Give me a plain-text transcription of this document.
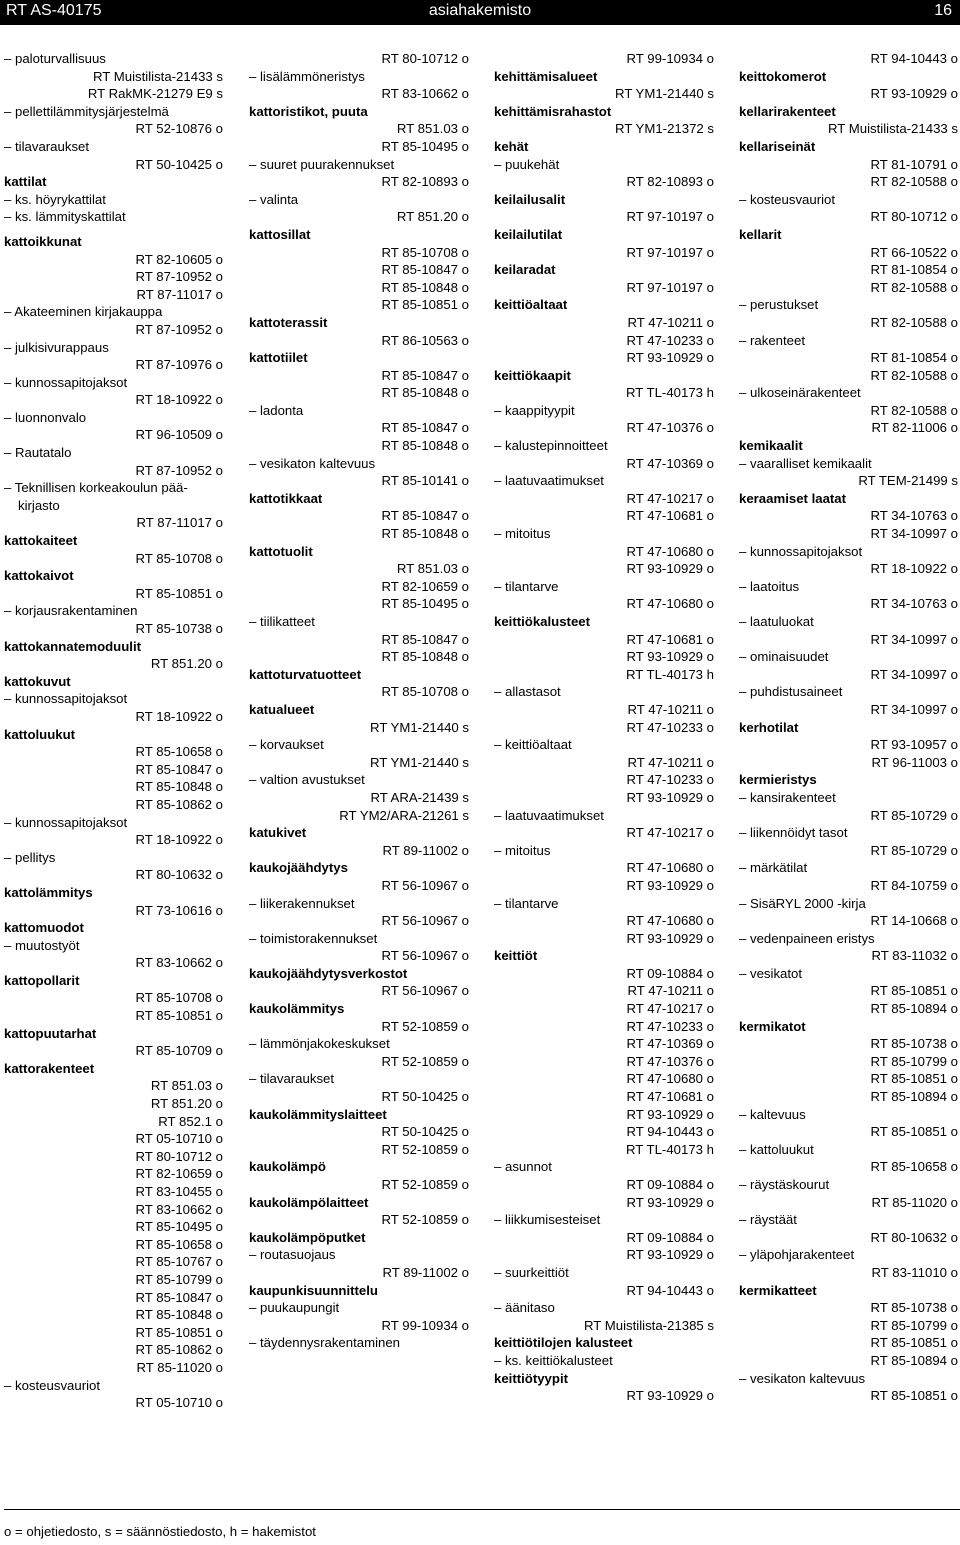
RT AS-40175	asiahakemisto	16
– paloturvallisuus
RT Muistilista-21433 s
RT RakMK-21279 E9 s
– pellettilämmitysjärjestelmä
RT 52-10876 o
– tilavaraukset
RT 50-10425 o
kattilat
– ks. höyrykattilat
– ks. lämmityskattilat
kattoikkunat
RT 82-10605 o
RT 87-10952 o
RT 87-11017 o
– Akateeminen kirjakauppa
RT 87-10952 o
– julkisivurappaus
RT 87-10976 o
– kunnossapitojaksot
RT 18-10922 o
– luonnonvalo
RT 96-10509 o
– Rautatalo
RT 87-10952 o
– Teknillisen korkeakoulun pää-
kirjasto
RT 87-11017 o
kattokaiteet
RT 85-10708 o
kattokaivot
RT 85-10851 o
– korjausrakentaminen
RT 85-10738 o
kattokannatemoduulit
RT 851.20 o
kattokuvut
– kunnossapitojaksot
RT 18-10922 o
kattoluukut
RT 85-10658 o
RT 85-10847 o
RT 85-10848 o
RT 85-10862 o
– kunnossapitojaksot
RT 18-10922 o
– pellitys
RT 80-10632 o
kattolämmitys
RT 73-10616 o
kattomuodot
– muutostyöt
RT 83-10662 o
kattopollarit
RT 85-10708 o
RT 85-10851 o
kattopuutarhat
RT 85-10709 o
kattorakenteet
RT 851.03 o
RT 851.20 o
RT 852.1 o
RT 05-10710 o
RT 80-10712 o
RT 82-10659 o
RT 83-10455 o
RT 83-10662 o
RT 85-10495 o
RT 85-10658 o
RT 85-10767 o
RT 85-10799 o
RT 85-10847 o
RT 85-10848 o
RT 85-10851 o
RT 85-10862 o
RT 85-11020 o
– kosteusvauriot
RT 05-10710 o
RT 80-10712 o
– lisälämmöneristys
RT 83-10662 o
kattoristikot, puuta
RT 851.03 o
RT 85-10495 o
– suuret puurakennukset
RT 82-10893 o
– valinta
RT 851.20 o
kattosillat
RT 85-10708 o
RT 85-10847 o
RT 85-10848 o
RT 85-10851 o
kattoterassit
RT 86-10563 o
kattotiilet
RT 85-10847 o
RT 85-10848 o
– ladonta
RT 85-10847 o
RT 85-10848 o
– vesikaton kaltevuus
RT 85-10141 o
kattotikkaat
RT 85-10847 o
RT 85-10848 o
kattotuolit
RT 851.03 o
RT 82-10659 o
RT 85-10495 o
– tiilikatteet
RT 85-10847 o
RT 85-10848 o
kattoturvatuotteet
RT 85-10708 o
katualueet
RT YM1-21440 s
– korvaukset
RT YM1-21440 s
– valtion avustukset
RT ARA-21439 s
RT YM2/ARA-21261 s
katukivet
RT 89-11002 o
kaukojäähdytys
RT 56-10967 o
– liikerakennukset
RT 56-10967 o
– toimistorakennukset
RT 56-10967 o
kaukojäähdytysverkostot
RT 56-10967 o
kaukolämmitys
RT 52-10859 o
– lämmönjakokeskukset
RT 52-10859 o
– tilavaraukset
RT 50-10425 o
kaukolämmityslaitteet
RT 50-10425 o
RT 52-10859 o
kaukolämpö
RT 52-10859 o
kaukolämpölaitteet
RT 52-10859 o
kaukolämpöputket
– routasuojaus
RT 89-11002 o
kaupunkisuunnittelu
– puukaupungit
RT 99-10934 o
– täydennysrakentaminen
RT 99-10934 o
kehittämisalueet
RT YM1-21440 s
kehittämisrahastot
RT YM1-21372 s
kehät
– puukehät
RT 82-10893 o
keilailusalit
RT 97-10197 o
keilailutilat
RT 97-10197 o
keilaradat
RT 97-10197 o
keittiöaltaat
RT 47-10211 o
RT 47-10233 o
RT 93-10929 o
keittiökaapit
RT TL-40173 h
– kaappityypit
RT 47-10376 o
– kalustepinnoitteet
RT 47-10369 o
– laatuvaatimukset
RT 47-10217 o
RT 47-10681 o
– mitoitus
RT 47-10680 o
RT 93-10929 o
– tilantarve
RT 47-10680 o
keittiökalusteet
RT 47-10681 o
RT 93-10929 o
RT TL-40173 h
– allastasot
RT 47-10211 o
RT 47-10233 o
– keittiöaltaat
RT 47-10211 o
RT 47-10233 o
RT 93-10929 o
– laatuvaatimukset
RT 47-10217 o
– mitoitus
RT 47-10680 o
RT 93-10929 o
– tilantarve
RT 47-10680 o
RT 93-10929 o
keittiöt
RT 09-10884 o
RT 47-10211 o
RT 47-10217 o
RT 47-10233 o
RT 47-10369 o
RT 47-10376 o
RT 47-10680 o
RT 47-10681 o
RT 93-10929 o
RT 94-10443 o
RT TL-40173 h
– asunnot
RT 09-10884 o
RT 93-10929 o
– liikkumisesteiset
RT 09-10884 o
RT 93-10929 o
– suurkeittiöt
RT 94-10443 o
– äänitaso
RT Muistilista-21385 s
keittiötilojen kalusteet
– ks. keittiökalusteet
keittiötyypit
RT 93-10929 o
RT 94-10443 o
keittokomerot
RT 93-10929 o
kellarirakenteet
RT Muistilista-21433 s
kellariseinät
RT 81-10791 o
RT 82-10588 o
– kosteusvauriot
RT 80-10712 o
kellarit
RT 66-10522 o
RT 81-10854 o
RT 82-10588 o
– perustukset
RT 82-10588 o
– rakenteet
RT 81-10854 o
RT 82-10588 o
– ulkoseinärakenteet
RT 82-10588 o
RT 82-11006 o
kemikaalit
– vaaralliset kemikaalit
RT TEM-21499 s
keraamiset laatat
RT 34-10763 o
RT 34-10997 o
– kunnossapitojaksot
RT 18-10922 o
– laatoitus
RT 34-10763 o
– laatuluokat
RT 34-10997 o
– ominaisuudet
RT 34-10997 o
– puhdistusaineet
RT 34-10997 o
kerhotilat
RT 93-10957 o
RT 96-11003 o
kermieristys
– kansirakenteet
RT 85-10729 o
– liikennöidyt tasot
RT 85-10729 o
– märkätilat
RT 84-10759 o
– SisäRYL 2000 -kirja
RT 14-10668 o
– vedenpaineen eristys
RT 83-11032 o
– vesikatot
RT 85-10851 o
RT 85-10894 o
kermikatot
RT 85-10738 o
RT 85-10799 o
RT 85-10851 o
RT 85-10894 o
– kaltevuus
RT 85-10851 o
– kattoluukut
RT 85-10658 o
– räystäskourut
RT 85-11020 o
– räystäät
RT 80-10632 o
– yläpohjarakenteet
RT 83-11010 o
kermikatteet
RT 85-10738 o
RT 85-10799 o
RT 85-10851 o
RT 85-10894 o
– vesikaton kaltevuus
RT 85-10851 o
o = ohjetiedosto, s = säännöstiedosto, h = hakemistot
